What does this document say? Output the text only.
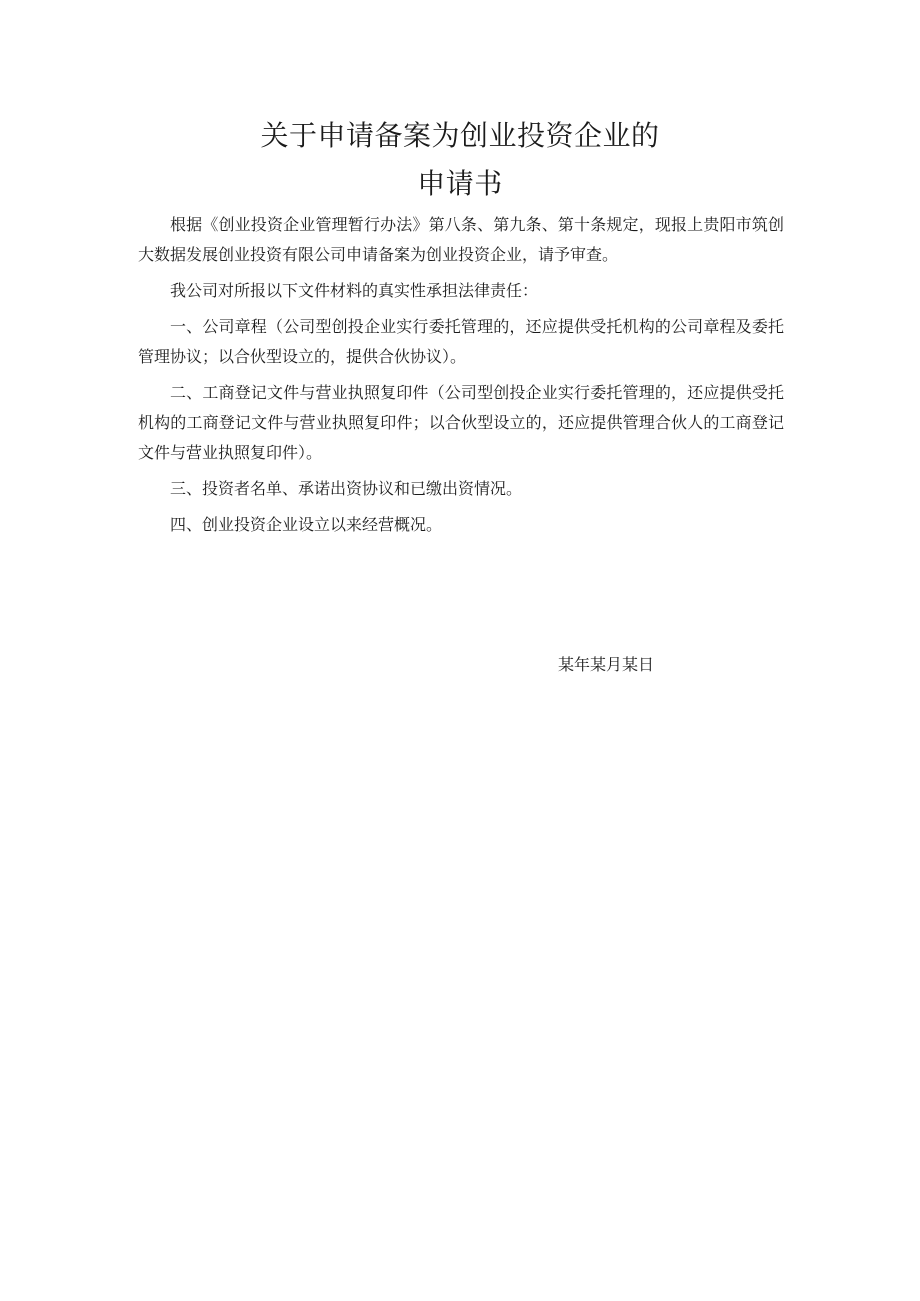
关于申请备案为创业投资企业的
申请书

根据《创业投资企业管理暂行办法》第八条、第九条、第十条规定，现报上贵阳市筑创大数据发展创业投资有限公司申请备案为创业投资企业，请予审查。

我公司对所报以下文件材料的真实性承担法律责任：

一、公司章程（公司型创投企业实行委托管理的，还应提供受托机构的公司章程及委托管理协议；以合伙型设立的，提供合伙协议）。

二、工商登记文件与营业执照复印件（公司型创投企业实行委托管理的，还应提供受托机构的工商登记文件与营业执照复印件；以合伙型设立的，还应提供管理合伙人的工商登记文件与营业执照复印件）。

三、投资者名单、承诺出资协议和已缴出资情况。

四、创业投资企业设立以来经营概况。

某年某月某日
